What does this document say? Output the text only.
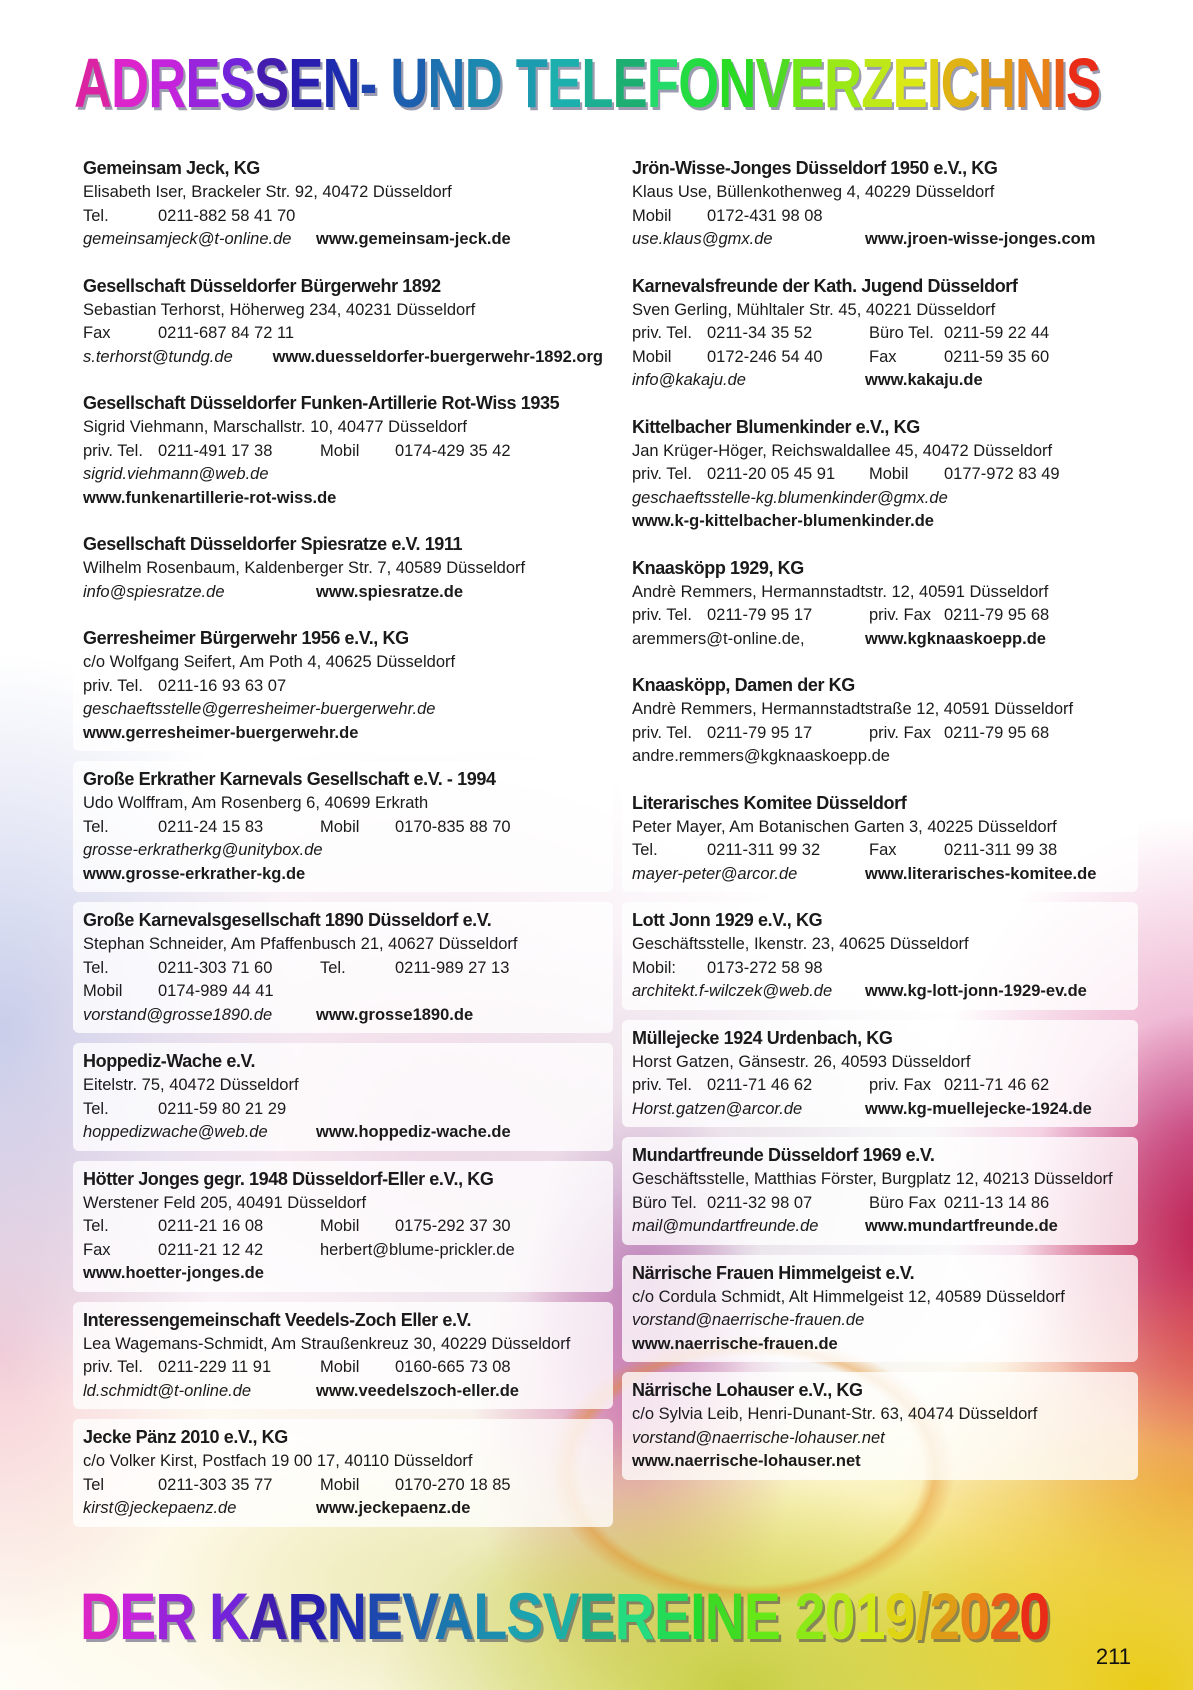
ADRESSEN- UND TELEFONVERZEICHNIS
Gemeinsam Jeck, KG
Elisabeth Iser, Brackeler Str. 92, 40472 Düsseldorf
Tel.	0211-882 58 41 70
gemeinsamjeck@t-online.de	www.gemeinsam-jeck.de
Gesellschaft Düsseldorfer Bürgerwehr 1892
Sebastian Terhorst, Höherweg 234, 40231 Düsseldorf
Fax	0211-687 84 72 11
s.terhorst@tundg.de	www.duesseldorfer-buergerwehr-1892.org
Gesellschaft Düsseldorfer Funken-Artillerie Rot-Wiss 1935
Sigrid Viehmann, Marschallstr. 10, 40477 Düsseldorf
priv. Tel. 0211-491 17 38	Mobil	0174-429 35 42
sigrid.viehmann@web.de
www.funkenartillerie-rot-wiss.de
Gesellschaft Düsseldorfer Spiesratze e.V. 1911
Wilhelm Rosenbaum, Kaldenberger Str. 7, 40589 Düsseldorf
info@spiesratze.de	www.spiesratze.de
Gerresheimer Bürgerwehr 1956 e.V., KG
c/o Wolfgang Seifert, Am Poth 4, 40625 Düsseldorf
priv. Tel. 0211-16 93 63 07
geschaeftsstelle@gerresheimer-buergerwehr.de
www.gerresheimer-buergerwehr.de
Große Erkrather Karnevals Gesellschaft e.V. - 1994
Udo Wolffram, Am Rosenberg 6, 40699 Erkrath
Tel.	0211-24 15 83	Mobil	0170-835 88 70
grosse-erkratherkg@unitybox.de
www.grosse-erkrather-kg.de
Große Karnevalsgesellschaft 1890 Düsseldorf e.V.
Stephan Schneider, Am Pfaffenbusch 21, 40627 Düsseldorf
Tel.	0211-303 71 60	Tel.	0211-989 27 13
Mobil	0174-989 44 41
vorstand@grosse1890.de	www.grosse1890.de
Hoppediz-Wache e.V.
Eitelstr. 75, 40472 Düsseldorf
Tel.	0211-59 80 21 29
hoppedizwache@web.de	www.hoppediz-wache.de
Hötter Jonges gegr. 1948 Düsseldorf-Eller e.V., KG
Werstener Feld 205, 40491 Düsseldorf
Tel.	0211-21 16 08	Mobil	0175-292 37 30
Fax	0211-21 12 42	herbert@blume-prickler.de
www.hoetter-jonges.de
Interessengemeinschaft Veedels-Zoch Eller e.V.
Lea Wagemans-Schmidt, Am Straußenkreuz 30, 40229 Düsseldorf
priv. Tel. 0211-229 11 91	Mobil	0160-665 73 08
ld.schmidt@t-online.de	www.veedelszoch-eller.de
Jecke Pänz 2010 e.V., KG
c/o Volker Kirst, Postfach 19 00 17, 40110 Düsseldorf
Tel	0211-303 35 77	Mobil	0170-270 18 85
kirst@jeckepaenz.de	www.jeckepaenz.de
Jrön-Wisse-Jonges Düsseldorf 1950 e.V., KG
Klaus Use, Büllenkothenweg 4, 40229 Düsseldorf
Mobil	0172-431 98 08
use.klaus@gmx.de	www.jroen-wisse-jonges.com
Karnevalsfreunde der Kath. Jugend Düsseldorf
Sven Gerling, Mühltaler Str. 45, 40221 Düsseldorf
priv. Tel. 0211-34 35 52	Büro Tel. 0211-59 22 44
Mobil	0172-246 54 40	Fax	0211-59 35 60
info@kakaju.de	www.kakaju.de
Kittelbacher Blumenkinder e.V., KG
Jan Krüger-Höger, Reichswaldallee 45, 40472 Düsseldorf
priv. Tel. 0211-20 05 45 91	Mobil	0177-972 83 49
geschaeftsstelle-kg.blumenkinder@gmx.de
www.k-g-kittelbacher-blumenkinder.de
Knaasköpp 1929, KG
Andrè Remmers, Hermannstadtstr. 12, 40591 Düsseldorf
priv. Tel. 0211-79 95 17	priv. Fax 0211-79 95 68
aremmers@t-online.de,	www.kgknaaskoepp.de
Knaasköpp, Damen der KG
Andrè Remmers, Hermannstadtstraße 12, 40591 Düsseldorf
priv. Tel. 0211-79 95 17	priv. Fax 0211-79 95 68
andre.remmers@kgknaaskoepp.de
Literarisches Komitee Düsseldorf
Peter Mayer, Am Botanischen Garten 3, 40225 Düsseldorf
Tel.	0211-311 99 32	Fax	0211-311 99 38
mayer-peter@arcor.de	www.literarisches-komitee.de
Lott Jonn 1929 e.V., KG
Geschäftsstelle, Ikenstr. 23, 40625 Düsseldorf
Mobil:	0173-272 58 98
architekt.f-wilczek@web.de	www.kg-lott-jonn-1929-ev.de
Müllejecke 1924 Urdenbach, KG
Horst Gatzen, Gänsestr. 26, 40593 Düsseldorf
priv. Tel. 0211-71 46 62	priv. Fax 0211-71 46 62
Horst.gatzen@arcor.de	www.kg-muellejecke-1924.de
Mundartfreunde Düsseldorf 1969 e.V.
Geschäftsstelle, Matthias Förster, Burgplatz 12, 40213 Düsseldorf
Büro Tel. 0211-32 98 07	Büro Fax 0211-13 14 86
mail@mundartfreunde.de	www.mundartfreunde.de
Närrische Frauen Himmelgeist e.V.
c/o Cordula Schmidt, Alt Himmelgeist 12, 40589 Düsseldorf
vorstand@naerrische-frauen.de
www.naerrische-frauen.de
Närrische Lohauser e.V., KG
c/o Sylvia Leib, Henri-Dunant-Str. 63, 40474 Düsseldorf
vorstand@naerrische-lohauser.net
www.naerrische-lohauser.net
DER KARNEVALSVEREINE 2019/2020
211
